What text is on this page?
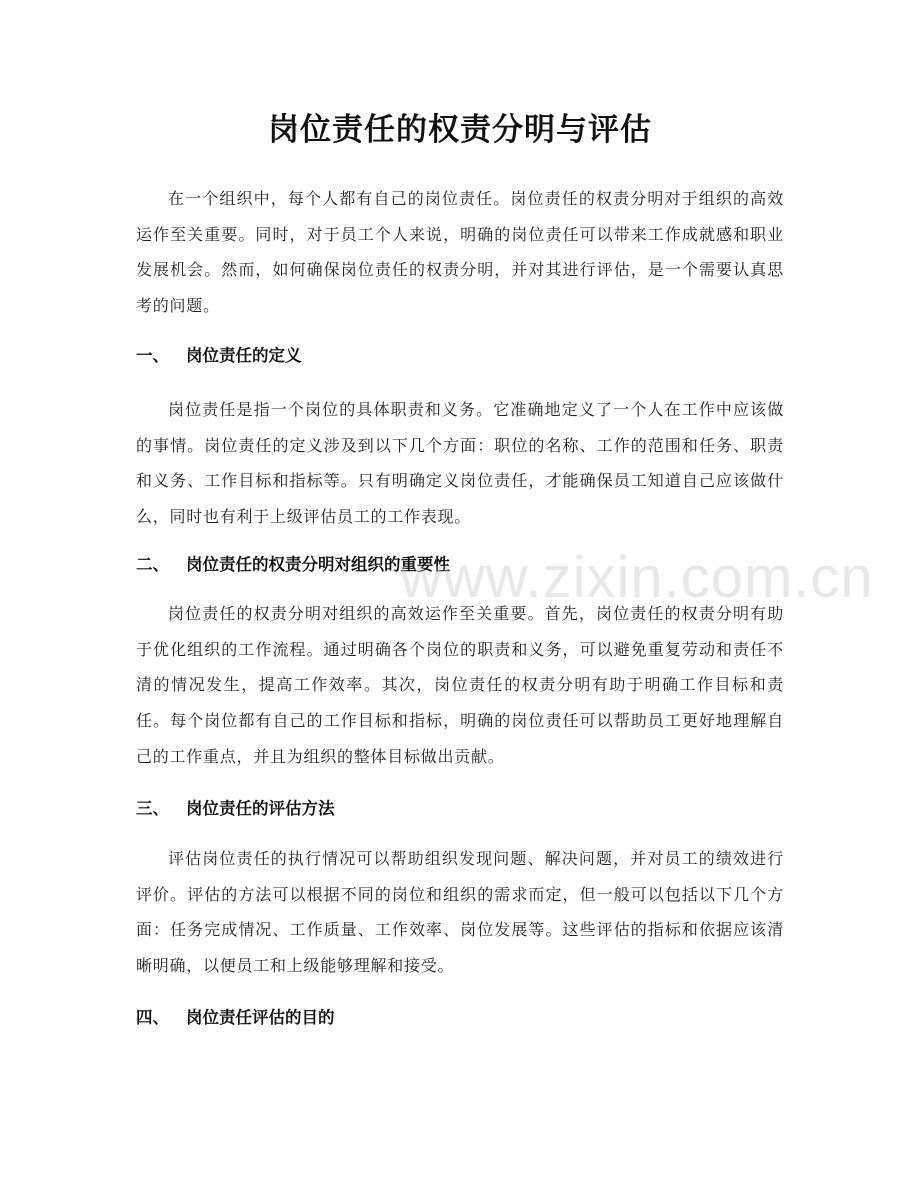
岗位责任的权责分明与评估

在一个组织中，每个人都有自己的岗位责任。岗位责任的权责分明对于组织的高效运作至关重要。同时，对于员工个人来说，明确的岗位责任可以带来工作成就感和职业发展机会。然而，如何确保岗位责任的权责分明，并对其进行评估，是一个需要认真思考的问题。

一、 岗位责任的定义

岗位责任是指一个岗位的具体职责和义务。它准确地定义了一个人在工作中应该做的事情。岗位责任的定义涉及到以下几个方面：职位的名称、工作的范围和任务、职责和义务、工作目标和指标等。只有明确定义岗位责任，才能确保员工知道自己应该做什么，同时也有利于上级评估员工的工作表现。

二、 岗位责任的权责分明对组织的重要性

岗位责任的权责分明对组织的高效运作至关重要。首先，岗位责任的权责分明有助于优化组织的工作流程。通过明确各个岗位的职责和义务，可以避免重复劳动和责任不清的情况发生，提高工作效率。其次，岗位责任的权责分明有助于明确工作目标和责任。每个岗位都有自己的工作目标和指标，明确的岗位责任可以帮助员工更好地理解自己的工作重点，并且为组织的整体目标做出贡献。

三、 岗位责任的评估方法

评估岗位责任的执行情况可以帮助组织发现问题、解决问题，并对员工的绩效进行评价。评估的方法可以根据不同的岗位和组织的需求而定，但一般可以包括以下几个方面：任务完成情况、工作质量、工作效率、岗位发展等。这些评估的指标和依据应该清晰明确，以便员工和上级能够理解和接受。

四、 岗位责任评估的目的
www.zixin.com.cn
